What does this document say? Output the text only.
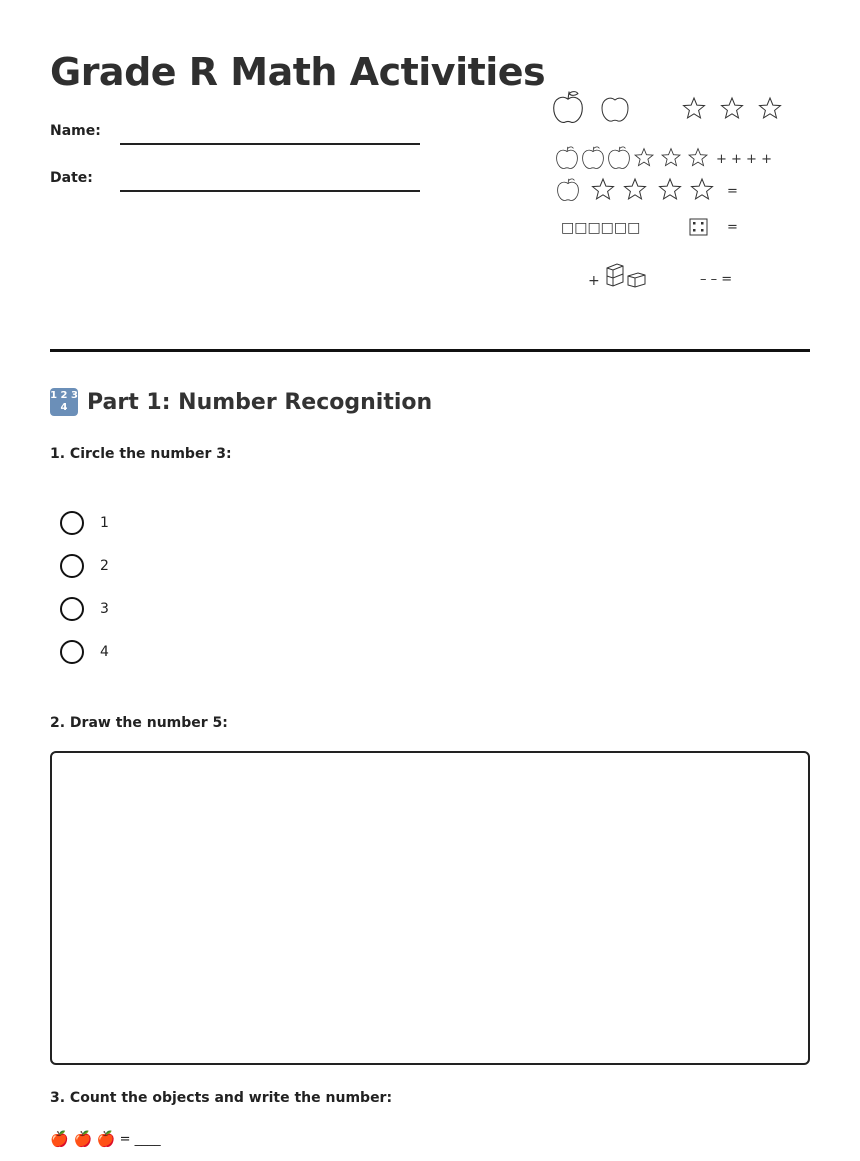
Grade R Math Activities
Name:
Date:
+ + + +
=
□□□□□□	=
+	– – =
1 2 3 4 Part 1: Number Recognition
1. Circle the number 3:
1
2
3
4
2. Draw the number 5:
3. Count the objects and write the number:
🍎 🍎 🍎 = ____
